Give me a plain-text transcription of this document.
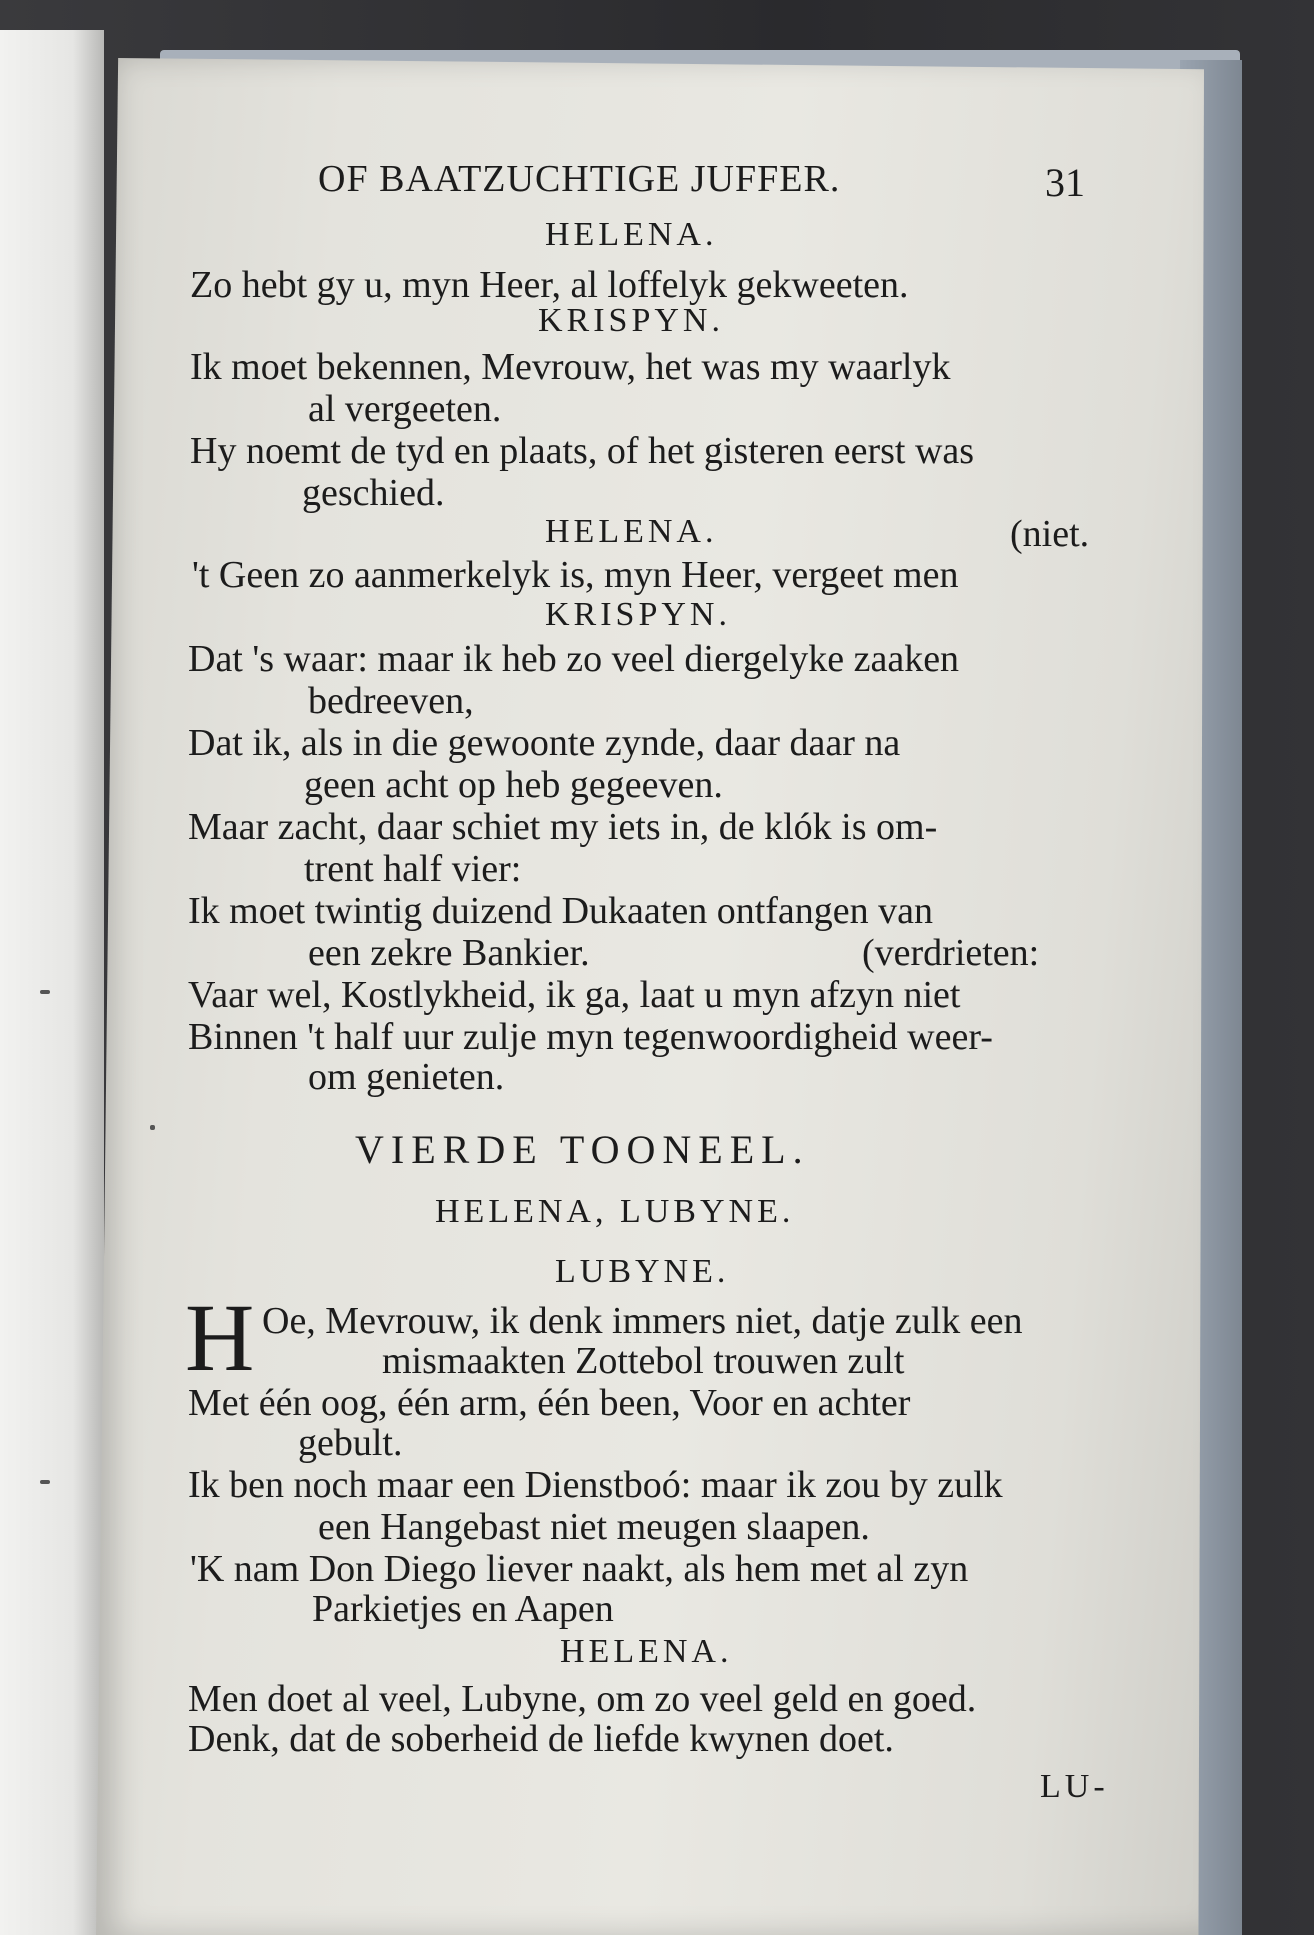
OF BAATZUCHTIGE JUFFER.	31
HELENA.
Zo hebt gy u, myn Heer, al loffelyk gekweeten.
KRISPYN.
Ik moet bekennen, Mevrouw, het was my waarlyk
al vergeeten.
Hy noemt de tyd en plaats, of het gisteren eerst was
geschied.
HELENA.	(niet.
't Geen zo aanmerkelyk is, myn Heer, vergeet men
KRISPYN.
Dat 's waar: maar ik heb zo veel diergelyke zaaken
bedreeven,
Dat ik, als in die gewoonte zynde, daar daar na
geen acht op heb gegeeven.
Maar zacht, daar schiet my iets in, de klók is om-
trent half vier:
Ik moet twintig duizend Dukaaten ontfangen van
een zekre Bankier.	(verdrieten:
Vaar wel, Kostlykheid, ik ga, laat u myn afzyn niet
Binnen 't half uur zulje myn tegenwoordigheid weer-
om genieten.
VIERDE TOONEEL.
HELENA, LUBYNE.
LUBYNE.
H Oe, Mevrouw, ik denk immers niet, datje zulk een
mismaakten Zottebol trouwen zult
Met één oog, één arm, één been, Voor en achter
gebult.
Ik ben noch maar een Dienstboó: maar ik zou by zulk
een Hangebast niet meugen slaapen.
'K nam Don Diego liever naakt, als hem met al zyn
Parkietjes en Aapen
HELENA.
Men doet al veel, Lubyne, om zo veel geld en goed.
Denk, dat de soberheid de liefde kwynen doet.
LU-
